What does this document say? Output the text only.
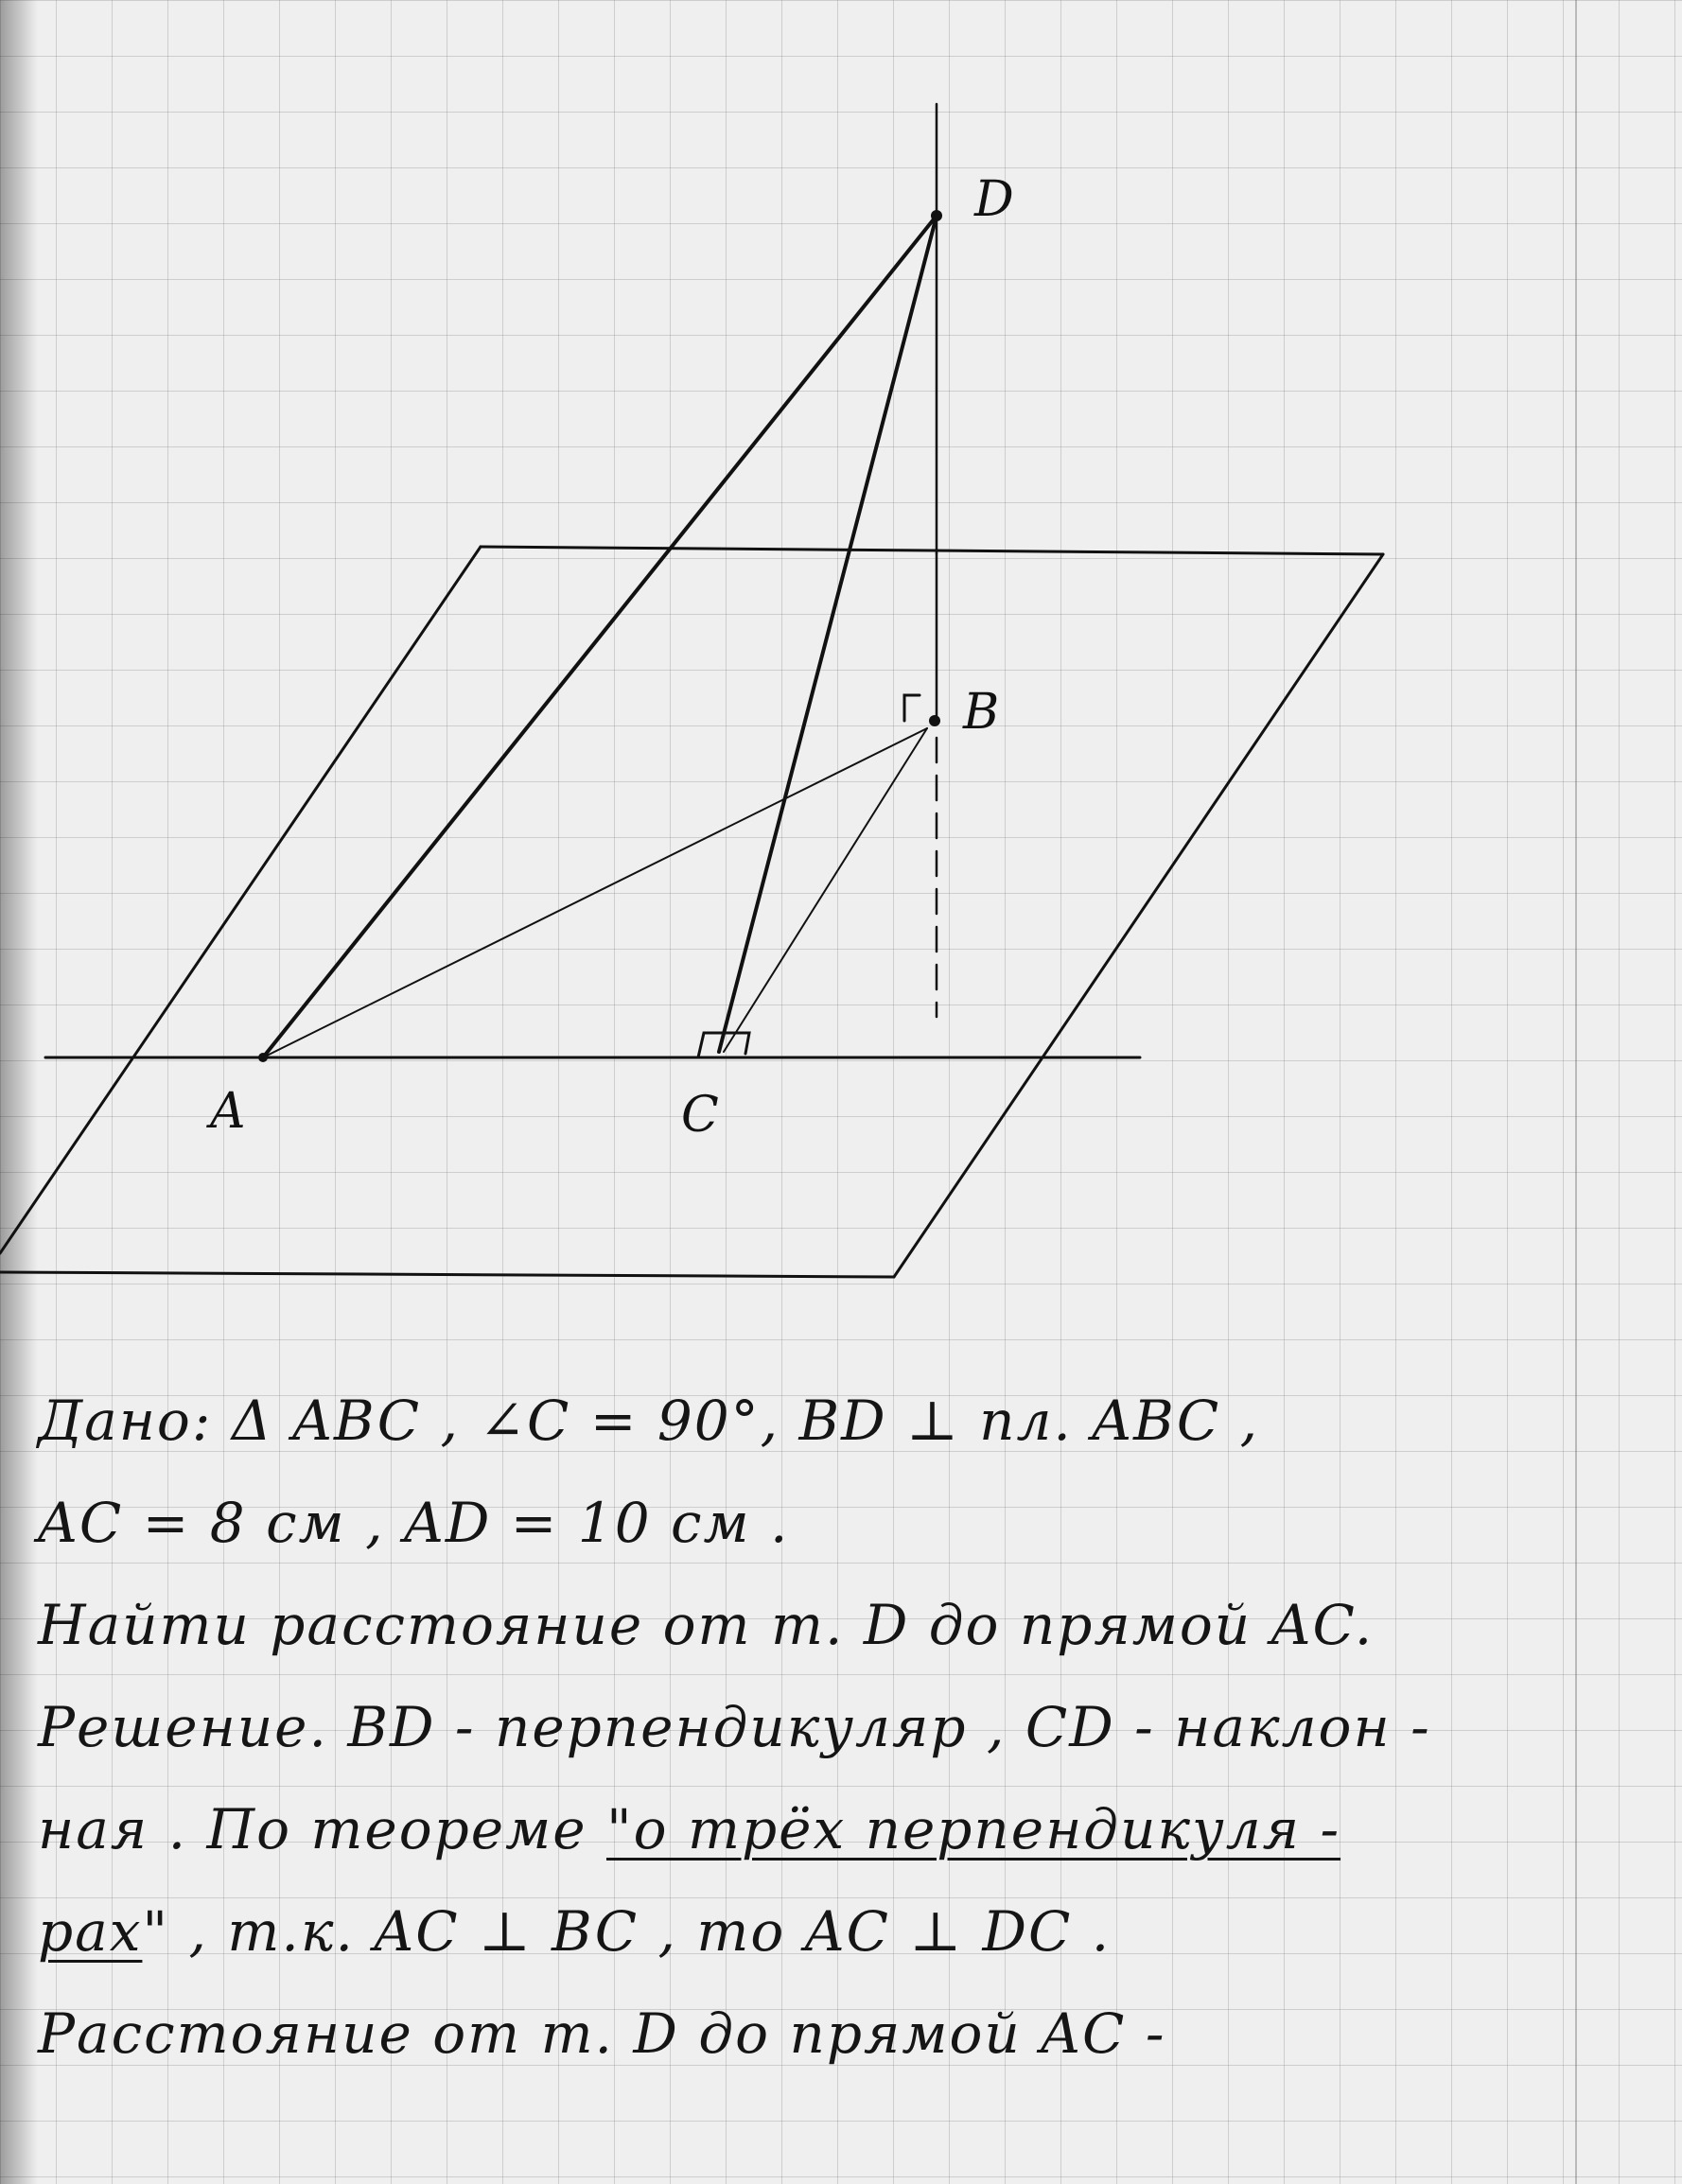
D
B
A	C

Дано: Δ ABC , ∠C = 90°, BD ⊥ пл. ABC ,

AC = 8 см , AD = 10 см .

Найти расстояние от т. D до прямой AC.

Решение. BD - перпендикуляр , CD - наклон -

ная . По теореме "о трёх перпендикуля -

рах" , т.к. AC ⊥ BC , то AC ⊥ DC .

Расстояние от т. D до прямой AC -
